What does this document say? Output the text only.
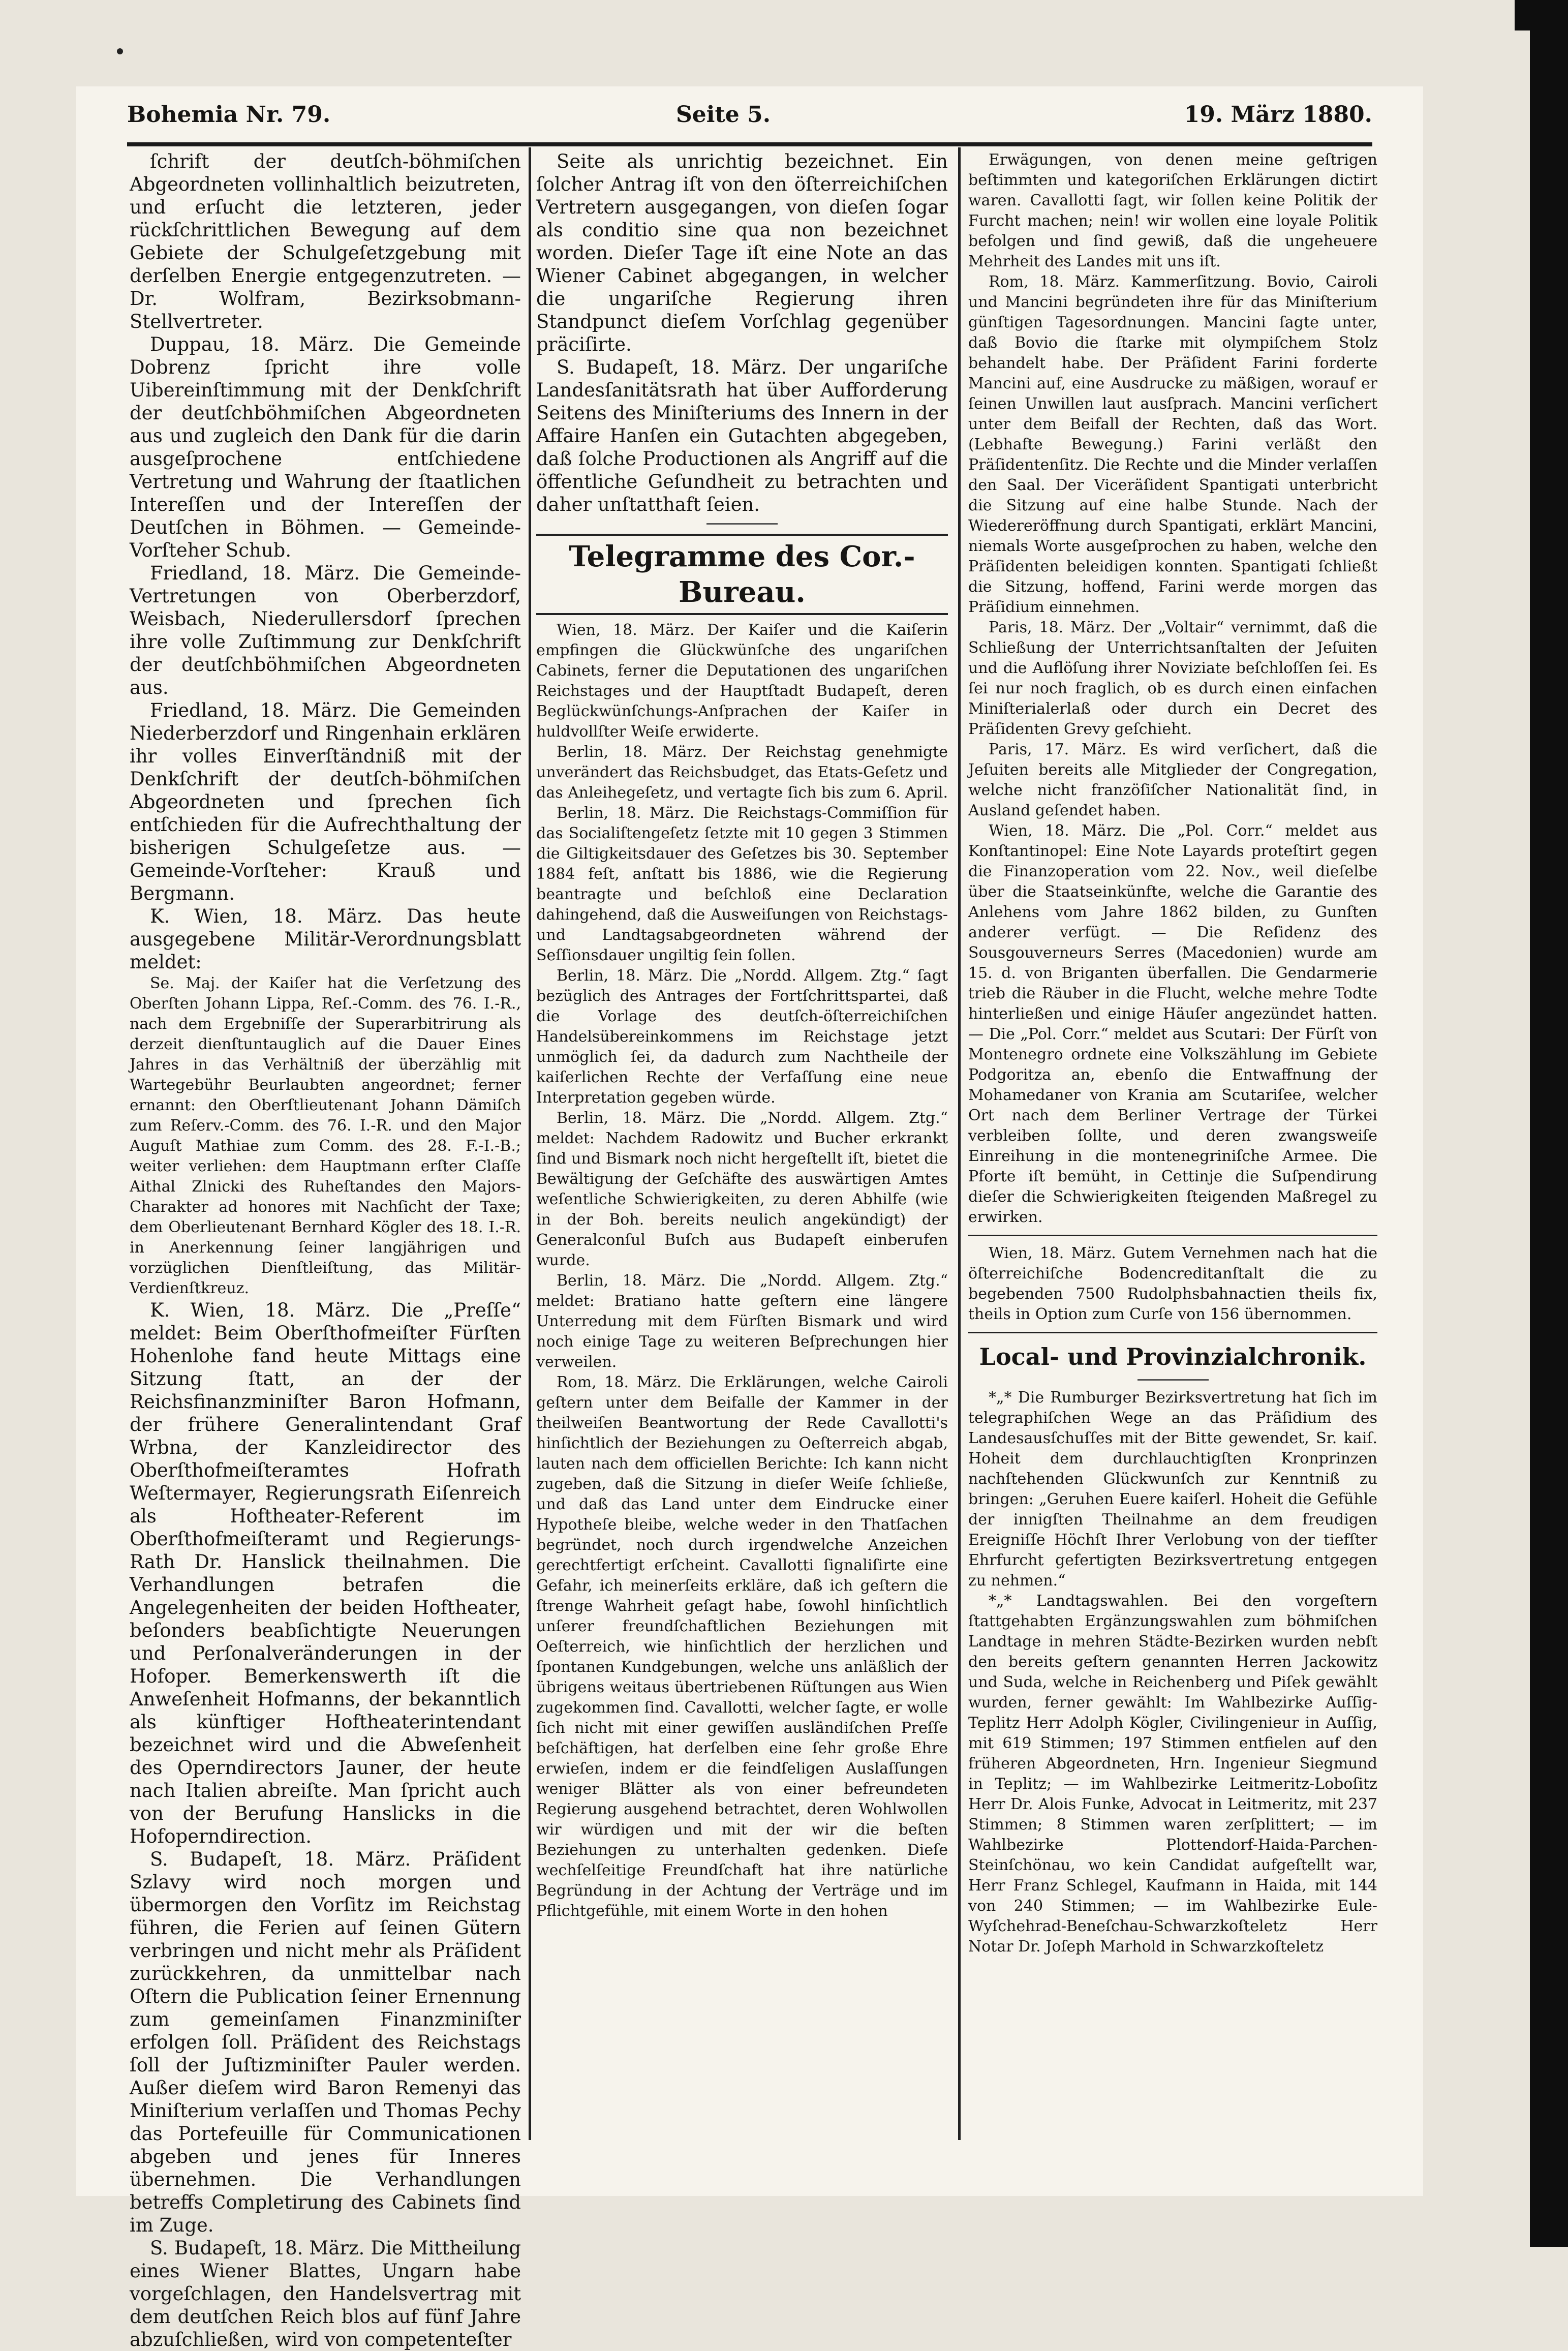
Bohemia Nr. 79.	Seite 5.	19. März 1880.

ſchrift der deutſch-böhmiſchen Abgeordneten vollinhaltlich beizutreten, und erſucht die letzteren, jeder rückſchrittlichen Bewegung auf dem Gebiete der Schulgeſetzgebung mit derſelben Energie entgegenzutreten. — Dr. Wolfram, Bezirksobmann-Stellvertreter.

Duppau, 18. März. Die Gemeinde Dobrenz ſpricht ihre volle Uibereinſtimmung mit der Denkſchrift der deutſchböhmiſchen Abgeordneten aus und zugleich den Dank für die darin ausgeſprochene entſchiedene Vertretung und Wahrung der ſtaatlichen Intereſſen und der Intereſſen der Deutſchen in Böhmen. — Gemeinde-Vorſteher Schub.

Friedland, 18. März. Die Gemeinde-Vertretungen von Oberberzdorf, Weisbach, Niederullersdorf ſprechen ihre volle Zuſtimmung zur Denkſchrift der deutſchböhmiſchen Abgeordneten aus.

Friedland, 18. März. Die Gemeinden Niederberzdorf und Ringenhain erklären ihr volles Einverſtändniß mit der Denkſchrift der deutſch-böhmiſchen Abgeordneten und ſprechen ſich entſchieden für die Aufrechthaltung der bisherigen Schulgeſetze aus. — Gemeinde-Vorſteher: Krauß und Bergmann.

K. Wien, 18. März. Das heute ausgegebene Militär-Verordnungsblatt meldet:

Se. Maj. der Kaiſer hat die Verſetzung des Oberſten Johann Lippa, Reſ.-Comm. des 76. I.-R., nach dem Ergebniſſe der Superarbitrirung als derzeit dienſtuntauglich auf die Dauer Eines Jahres in das Verhältniß der überzählig mit Wartegebühr Beurlaubten angeordnet; ferner ernannt: den Oberſtlieutenant Johann Dämiſch zum Reſerv.-Comm. des 76. I.-R. und den Major Auguſt Mathiae zum Comm. des 28. F.-I.-B.; weiter verliehen: dem Hauptmann erſter Claſſe Aithal Zlnicki des Ruheſtandes den Majors-Charakter ad honores mit Nachſicht der Taxe; dem Oberlieutenant Bernhard Kögler des 18. I.-R. in Anerkennung ſeiner langjährigen und vorzüglichen Dienſtleiſtung, das Militär-Verdienſtkreuz.

K. Wien, 18. März. Die „Preſſe“ meldet: Beim Oberſthofmeiſter Fürſten Hohenlohe fand heute Mittags eine Sitzung ſtatt, an der der Reichsfinanzminiſter Baron Hofmann, der frühere Generalintendant Graf Wrbna, der Kanzleidirector des Oberſthofmeiſteramtes Hofrath Weſtermayer, Regierungsrath Eiſenreich als Hoftheater-Referent im Oberſthofmeiſteramt und Regierungs-Rath Dr. Hanslick theilnahmen. Die Verhandlungen betrafen die Angelegenheiten der beiden Hoftheater, beſonders beabſichtigte Neuerungen und Perſonalveränderungen in der Hofoper. Bemerkenswerth iſt die Anweſenheit Hofmanns, der bekanntlich als künftiger Hoftheaterintendant bezeichnet wird und die Abweſenheit des Operndirectors Jauner, der heute nach Italien abreiſte. Man ſpricht auch von der Berufung Hanslicks in die Hofoperndirection.

S. Budapeſt, 18. März. Präſident Szlavy wird noch morgen und übermorgen den Vorſitz im Reichstag führen, die Ferien auf ſeinen Gütern verbringen und nicht mehr als Präſident zurückkehren, da unmittelbar nach Oſtern die Publication ſeiner Ernennung zum gemeinſamen Finanzminiſter erfolgen ſoll. Präſident des Reichstags ſoll der Juſtizminiſter Pauler werden. Außer dieſem wird Baron Remenyi das Miniſterium verlaſſen und Thomas Pechy das Portefeuille für Communicationen abgeben und jenes für Inneres übernehmen. Die Verhandlungen betreffs Completirung des Cabinets ſind im Zuge.

S. Budapeſt, 18. März. Die Mittheilung eines Wiener Blattes, Ungarn habe vorgeſchlagen, den Handelsvertrag mit dem deutſchen Reich blos auf fünf Jahre abzuſchließen, wird von competenteſter

Seite als unrichtig bezeichnet. Ein ſolcher Antrag iſt von den öſterreichiſchen Vertretern ausgegangen, von dieſen ſogar als conditio sine qua non bezeichnet worden. Dieſer Tage iſt eine Note an das Wiener Cabinet abgegangen, in welcher die ungariſche Regierung ihren Standpunct dieſem Vorſchlag gegenüber präciſirte.

S. Budapeſt, 18. März. Der ungariſche Landesſanitätsrath hat über Aufforderung Seitens des Miniſteriums des Innern in der Affaire Hanſen ein Gutachten abgegeben, daß ſolche Productionen als Angriff auf die öffentliche Geſundheit zu betrachten und daher unſtatthaft ſeien.

Telegramme des Cor.-Bureau.

Wien, 18. März. Der Kaiſer und die Kaiſerin empfingen die Glückwünſche des ungariſchen Cabinets, ferner die Deputationen des ungariſchen Reichstages und der Hauptſtadt Budapeſt, deren Beglückwünſchungs-Anſprachen der Kaiſer in huldvollſter Weiſe erwiderte.

Berlin, 18. März. Der Reichstag genehmigte unverändert das Reichsbudget, das Etats-Geſetz und das Anleihegeſetz, und vertagte ſich bis zum 6. April.

Berlin, 18. März. Die Reichstags-Commiſſion für das Socialiſtengeſetz ſetzte mit 10 gegen 3 Stimmen die Giltigkeitsdauer des Geſetzes bis 30. September 1884 feſt, anſtatt bis 1886, wie die Regierung beantragte und beſchloß eine Declaration dahingehend, daß die Ausweiſungen von Reichstags- und Landtagsabgeordneten während der Seſſionsdauer ungiltig ſein ſollen.

Berlin, 18. März. Die „Nordd. Allgem. Ztg.“ ſagt bezüglich des Antrages der Fortſchrittspartei, daß die Vorlage des deutſch-öſterreichiſchen Handelsübereinkommens im Reichstage jetzt unmöglich ſei, da dadurch zum Nachtheile der kaiſerlichen Rechte der Verfaſſung eine neue Interpretation gegeben würde.

Berlin, 18. März. Die „Nordd. Allgem. Ztg.“ meldet: Nachdem Radowitz und Bucher erkrankt ſind und Bismark noch nicht hergeſtellt iſt, bietet die Bewältigung der Geſchäfte des auswärtigen Amtes weſentliche Schwierigkeiten, zu deren Abhilfe (wie in der Boh. bereits neulich angekündigt) der Generalconſul Buſch aus Budapeſt einberufen wurde.

Berlin, 18. März. Die „Nordd. Allgem. Ztg.“ meldet: Bratiano hatte geſtern eine längere Unterredung mit dem Fürſten Bismark und wird noch einige Tage zu weiteren Beſprechungen hier verweilen.

Rom, 18. März. Die Erklärungen, welche Cairoli geſtern unter dem Beifalle der Kammer in der theilweiſen Beantwortung der Rede Cavallotti's hinſichtlich der Beziehungen zu Oeſterreich abgab, lauten nach dem officiellen Berichte: Ich kann nicht zugeben, daß die Sitzung in dieſer Weiſe ſchließe, und daß das Land unter dem Eindrucke einer Hypotheſe bleibe, welche weder in den Thatſachen begründet, noch durch irgendwelche Anzeichen gerechtfertigt erſcheint. Cavallotti ſignaliſirte eine Gefahr, ich meinerſeits erkläre, daß ich geſtern die ſtrenge Wahrheit geſagt habe, ſowohl hinſichtlich unſerer freundſchaftlichen Beziehungen mit Oeſterreich, wie hinſichtlich der herzlichen und ſpontanen Kundgebungen, welche uns anläßlich der übrigens weitaus übertriebenen Rüſtungen aus Wien zugekommen ſind. Cavallotti, welcher ſagte, er wolle ſich nicht mit einer gewiſſen ausländiſchen Preſſe beſchäftigen, hat derſelben eine ſehr große Ehre erwieſen, indem er die feindſeligen Auslaſſungen weniger Blätter als von einer befreundeten Regierung ausgehend betrachtet, deren Wohlwollen wir würdigen und mit der wir die beſten Beziehungen zu unterhalten gedenken. Dieſe wechſelſeitige Freundſchaft hat ihre natürliche Begründung in der Achtung der Verträge und im Pflichtgefühle, mit einem Worte in den hohen

Erwägungen, von denen meine geſtrigen beſtimmten und kategoriſchen Erklärungen dictirt waren. Cavallotti ſagt, wir ſollen keine Politik der Furcht machen; nein! wir wollen eine loyale Politik befolgen und ſind gewiß, daß die ungeheuere Mehrheit des Landes mit uns iſt.

Rom, 18. März. Kammerſitzung. Bovio, Cairoli und Mancini begründeten ihre für das Miniſterium günſtigen Tagesordnungen. Mancini ſagte unter, daß Bovio die ſtarke mit olympiſchem Stolz behandelt habe. Der Präſident Farini forderte Mancini auf, eine Ausdrucke zu mäßigen, worauf er ſeinen Unwillen laut ausſprach. Mancini verſichert unter dem Beifall der Rechten, daß das Wort. (Lebhafte Bewegung.) Farini verläßt den Präſidentenſitz. Die Rechte und die Minder verlaſſen den Saal. Der Viceräſident Spantigati unterbricht die Sitzung auf eine halbe Stunde. Nach der Wiedereröffnung durch Spantigati, erklärt Mancini, niemals Worte ausgeſprochen zu haben, welche den Präſidenten beleidigen konnten. Spantigati ſchließt die Sitzung, hoffend, Farini werde morgen das Präſidium einnehmen.

Paris, 18. März. Der „Voltair“ vernimmt, daß die Schließung der Unterrichtsanſtalten der Jeſuiten und die Auflöſung ihrer Noviziate beſchloſſen ſei. Es ſei nur noch fraglich, ob es durch einen einfachen Miniſterialerlaß oder durch ein Decret des Präſidenten Grevy geſchieht.

Paris, 17. März. Es wird verſichert, daß die Jeſuiten bereits alle Mitglieder der Congregation, welche nicht franzöſiſcher Nationalität ſind, in Ausland geſendet haben.

Wien, 18. März. Die „Pol. Corr.“ meldet aus Konſtantinopel: Eine Note Layards proteſtirt gegen die Finanzoperation vom 22. Nov., weil dieſelbe über die Staatseinkünfte, welche die Garantie des Anlehens vom Jahre 1862 bilden, zu Gunſten anderer verfügt. — Die Reſidenz des Sousgouverneurs Serres (Macedonien) wurde am 15. d. von Briganten überfallen. Die Gendarmerie trieb die Räuber in die Flucht, welche mehre Todte hinterließen und einige Häuſer angezündet hatten. — Die „Pol. Corr.“ meldet aus Scutari: Der Fürſt von Montenegro ordnete eine Volkszählung im Gebiete Podgoritza an, ebenſo die Entwaffnung der Mohamedaner von Krania am Scutariſee, welcher Ort nach dem Berliner Vertrage der Türkei verbleiben ſollte, und deren zwangsweiſe Einreihung in die montenegriniſche Armee. Die Pforte iſt bemüht, in Cettinje die Suſpendirung dieſer die Schwierigkeiten ſteigenden Maßregel zu erwirken.

Wien, 18. März. Gutem Vernehmen nach hat die öſterreichiſche Bodencreditanſtalt die zu begebenden 7500 Rudolphsbahnactien theils fix, theils in Option zum Curſe von 156 übernommen.

Local- und Provinzialchronik.

*„* Die Rumburger Bezirksvertretung hat ſich im telegraphiſchen Wege an das Präſidium des Landesausſchuſſes mit der Bitte gewendet, Sr. kaiſ. Hoheit dem durchlauchtigſten Kronprinzen nachſtehenden Glückwunſch zur Kenntniß zu bringen: „Geruhen Euere kaiſerl. Hoheit die Gefühle der innigſten Theilnahme an dem freudigen Ereigniſſe Höchſt Ihrer Verlobung von der tiefſter Ehrfurcht gefertigten Bezirksvertretung entgegen zu nehmen.“

*„* Landtagswahlen. Bei den vorgeſtern ſtattgehabten Ergänzungswahlen zum böhmiſchen Landtage in mehren Städte-Bezirken wurden nebſt den bereits geſtern genannten Herren Jackowitz und Suda, welche in Reichenberg und Piſek gewählt wurden, ferner gewählt: Im Wahlbezirke Auſſig-Teplitz Herr Adolph Kögler, Civilingenieur in Auſſig, mit 619 Stimmen; 197 Stimmen entfielen auf den früheren Abgeordneten, Hrn. Ingenieur Siegmund in Teplitz; — im Wahlbezirke Leitmeritz-Loboſitz Herr Dr. Alois Funke, Advocat in Leitmeritz, mit 237 Stimmen; 8 Stimmen waren zerſplittert; — im Wahlbezirke Plottendorf-Haida-Parchen-Steinſchönau, wo kein Candidat aufgeſtellt war, Herr Franz Schlegel, Kaufmann in Haida, mit 144 von 240 Stimmen; — im Wahlbezirke Eule-Wyſchehrad-Beneſchau-Schwarzkoſteletz Herr Notar Dr. Joſeph Marhold in Schwarzkoſteletz
